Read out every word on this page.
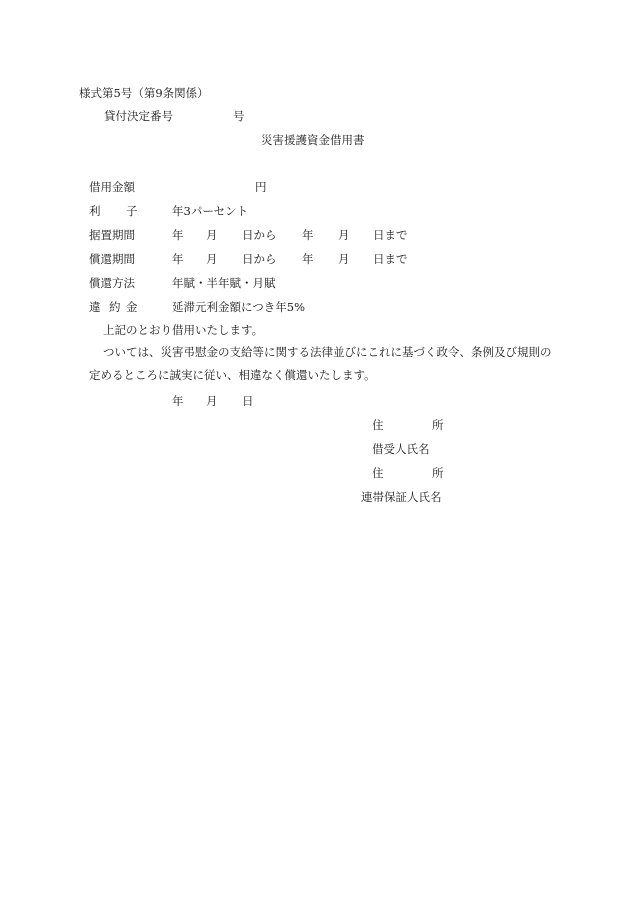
様式第5号（第9条関係）
貸付決定番号	号
災害援護資金借用書
借用金額	円
利 子	年3パーセント
据置期間	年 月 日から 年 月 日まで
償還期間	年 月 日から 年 月 日まで
償還方法	年賦・半年賦・月賦
違 約 金	延滞元利金額につき年5%
上記のとおり借用いたします。
ついては、災害弔慰金の支給等に関する法律並びにこれに基づく政令、条例及び規則の定めるところに誠実に従い、相違なく償還いたします。
年 月 日
住	所
借受人氏名
住	所
連帯保証人氏名
